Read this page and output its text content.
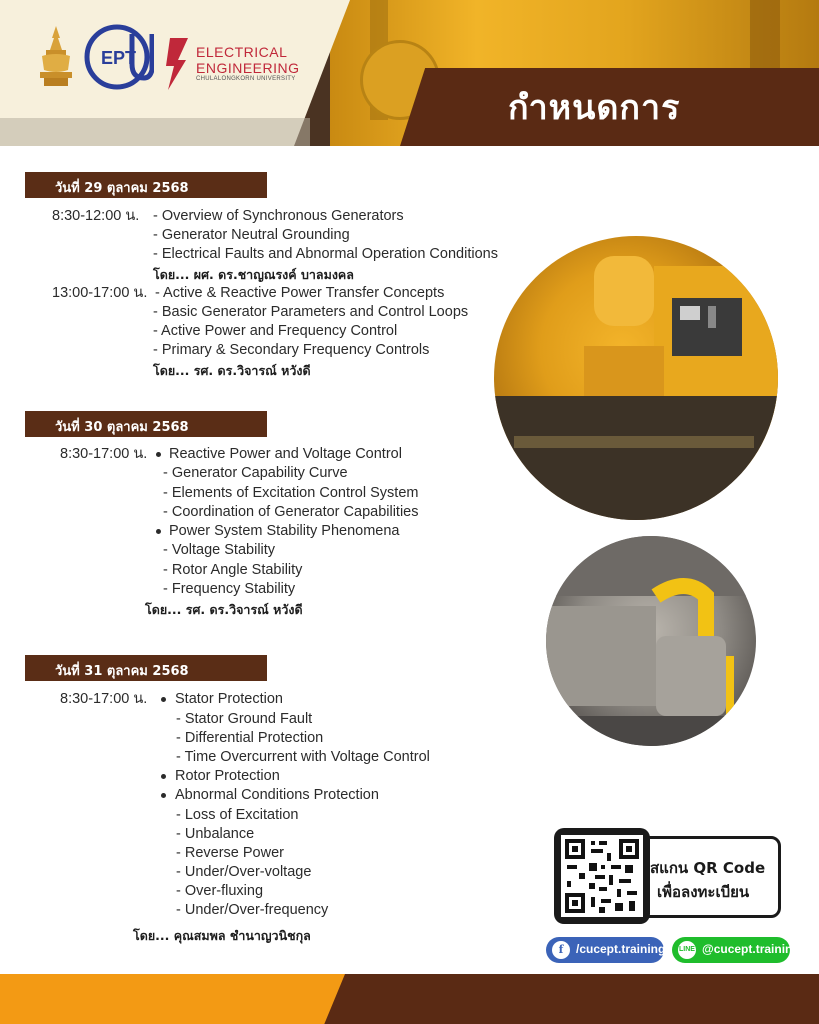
กำหนดการ
EPT	ELECTRICAL
ENGINEERING
CHULALONGKORN UNIVERSITY
วันที่ 29 ตุลาคม 2568
8:30-12:00 น. - Overview of Synchronous Generators
- Generator Neutral Grounding
- Electrical Faults and Abnormal Operation Conditions
โดย... ผศ. ดร.ชาญณรงค์ บาลมงคล
13:00-17:00 น. - Active & Reactive Power Transfer Concepts
- Basic Generator Parameters and Control Loops
- Active Power and Frequency Control
- Primary & Secondary Frequency Controls
โดย... รศ. ดร.วิจารณ์ หวังดี
วันที่ 30 ตุลาคม 2568
8:30-17:00 น. Reactive Power and Voltage Control
- Generator Capability Curve
- Elements of Excitation Control System
- Coordination of Generator Capabilities
Power System Stability Phenomena
- Voltage Stability
- Rotor Angle Stability
- Frequency Stability
โดย... รศ. ดร.วิจารณ์ หวังดี
วันที่ 31 ตุลาคม 2568
8:30-17:00 น. Stator Protection
- Stator Ground Fault
- Differential Protection
- Time Overcurrent with Voltage Control
Rotor Protection
Abnormal Conditions Protection
- Loss of Excitation
- Unbalance
- Reverse Power
- Under/Over-voltage
- Over-fluxing
- Under/Over-frequency
โดย... คุณสมพล ชำนาญวนิชกุล
สแกน QR Code
เพื่อลงทะเบียน
f	/cucept.training LINE @cucept.training
